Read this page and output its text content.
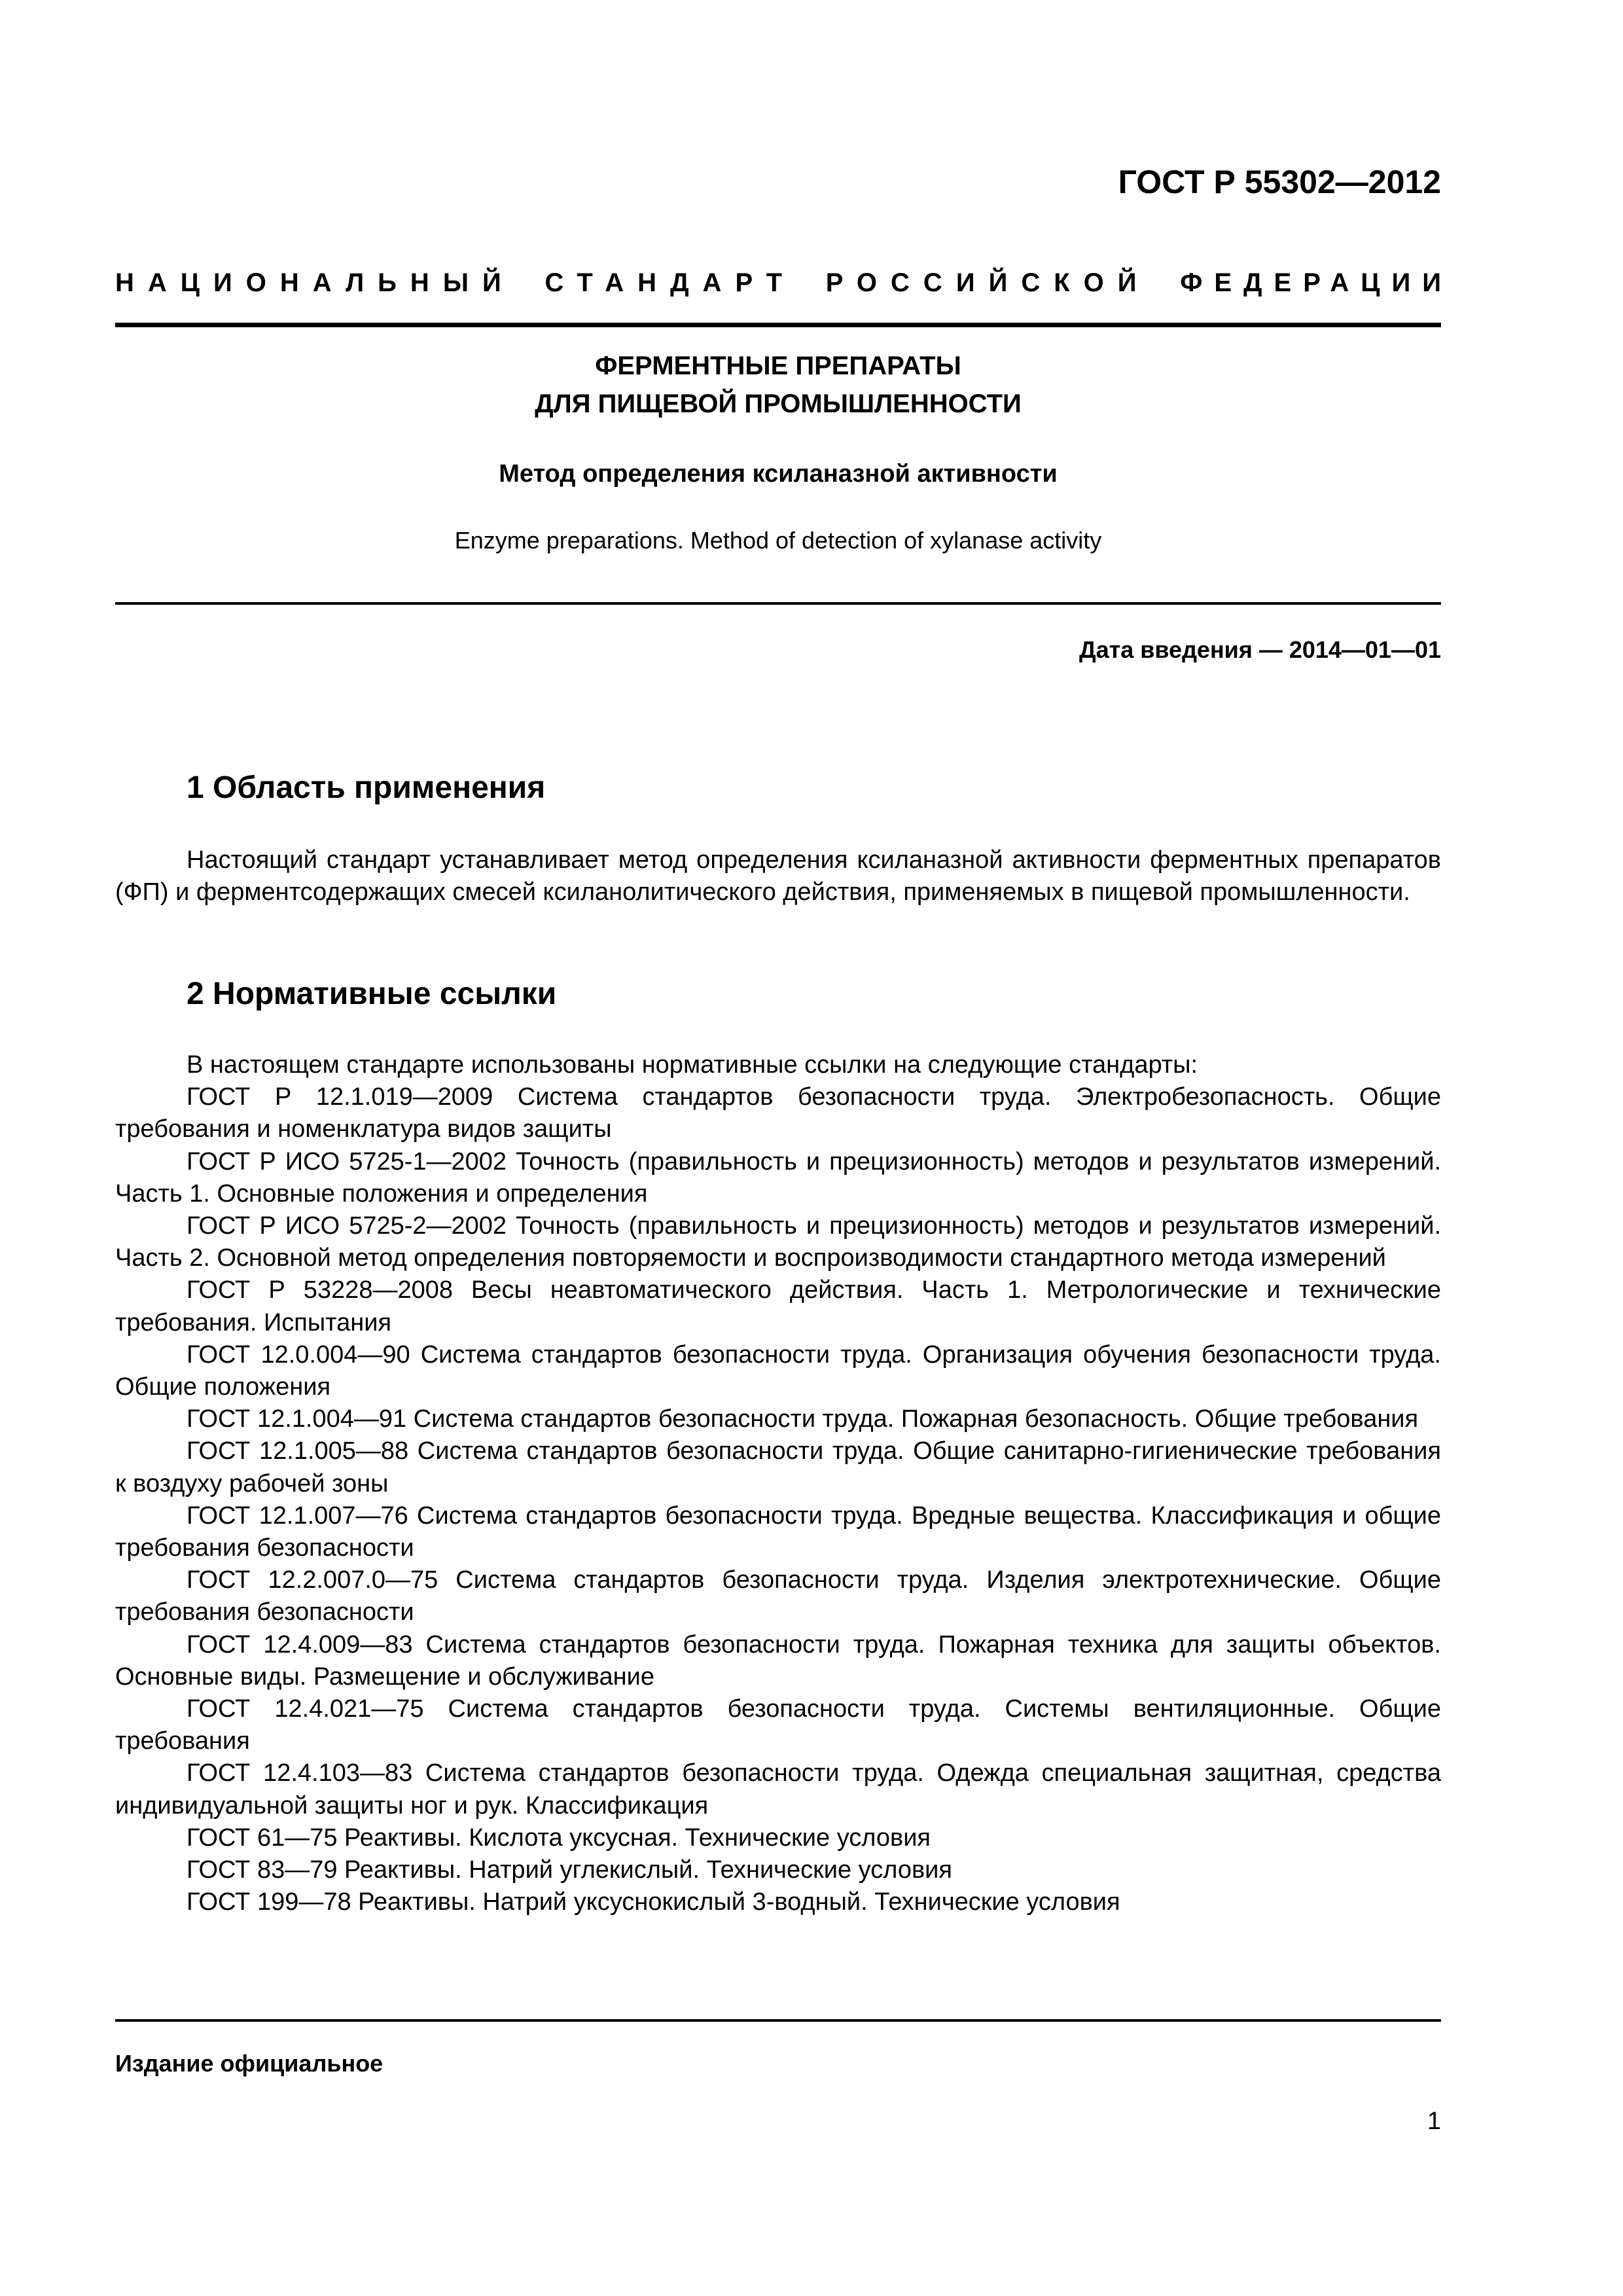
ГОСТ Р 55302—2012
НАЦИОНАЛЬНЫЙ СТАНДАРТ РОССИЙСКОЙ ФЕДЕРАЦИИ
ФЕРМЕНТНЫЕ ПРЕПАРАТЫ
ДЛЯ ПИЩЕВОЙ ПРОМЫШЛЕННОСТИ
Метод определения ксиланазной активности
Enzyme preparations. Method of detection of xylanase activity
Дата введения — 2014—01—01
1 Область применения
Настоящий стандарт устанавливает метод определения ксиланазной активности ферментных препаратов (ФП) и ферментсодержащих смесей ксиланолитического действия, применяемых в пищевой промышленности.
2 Нормативные ссылки

В настоящем стандарте использованы нормативные ссылки на следующие стандарты:

ГОСТ Р 12.1.019—2009 Система стандартов безопасности труда. Электробезопасность. Общие требования и номенклатура видов защиты

ГОСТ Р ИСО 5725-1—2002 Точность (правильность и прецизионность) методов и результатов измерений. Часть 1. Основные положения и определения

ГОСТ Р ИСО 5725-2—2002 Точность (правильность и прецизионность) методов и результатов измерений. Часть 2. Основной метод определения повторяемости и воспроизводимости стандартного метода измерений

ГОСТ Р 53228—2008 Весы неавтоматического действия. Часть 1. Метрологические и технические требования. Испытания

ГОСТ 12.0.004—90 Система стандартов безопасности труда. Организация обучения безопасности труда. Общие положения

ГОСТ 12.1.004—91 Система стандартов безопасности труда. Пожарная безопасность. Общие требования

ГОСТ 12.1.005—88 Система стандартов безопасности труда. Общие санитарно-гигиенические требования к воздуху рабочей зоны

ГОСТ 12.1.007—76 Система стандартов безопасности труда. Вредные вещества. Классификация и общие требования безопасности

ГОСТ 12.2.007.0—75 Система стандартов безопасности труда. Изделия электротехнические. Общие требования безопасности

ГОСТ 12.4.009—83 Система стандартов безопасности труда. Пожарная техника для защиты объектов. Основные виды. Размещение и обслуживание

ГОСТ 12.4.021—75 Система стандартов безопасности труда. Системы вентиляционные. Общие требования

ГОСТ 12.4.103—83 Система стандартов безопасности труда. Одежда специальная защитная, средства индивидуальной защиты ног и рук. Классификация

ГОСТ 61—75 Реактивы. Кислота уксусная. Технические условия

ГОСТ 83—79 Реактивы. Натрий углекислый. Технические условия

ГОСТ 199—78 Реактивы. Натрий уксуснокислый 3-водный. Технические условия

Издание официальное
1
